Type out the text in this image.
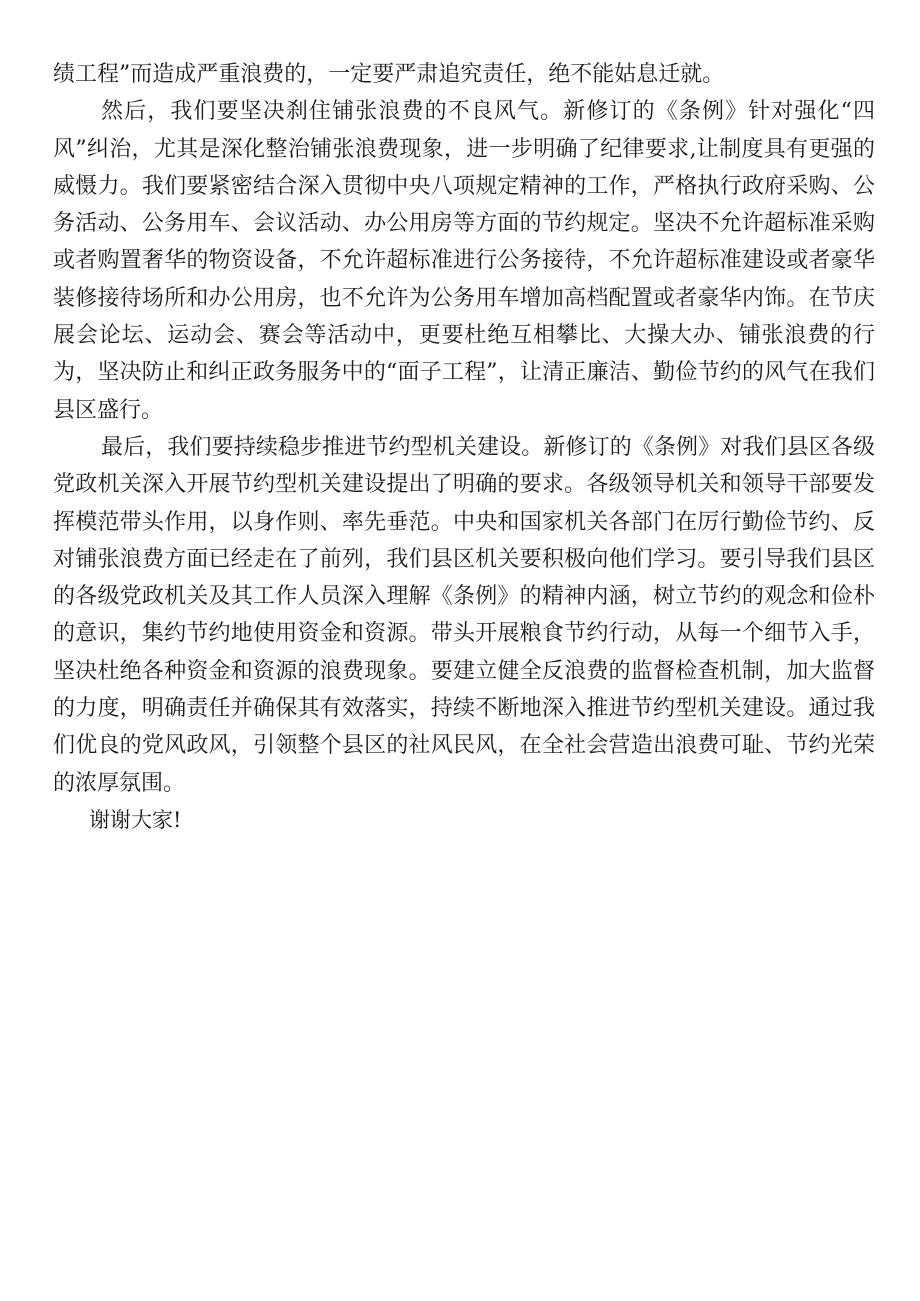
绩工程”而造成严重浪费的，一定要严肃追究责任，绝不能姑息迁就。

然后，我们要坚决刹住铺张浪费的不良风气。新修订的《条例》针对强化“四风”纠治，尤其是深化整治铺张浪费现象，进一步明确了纪律要求,让制度具有更强的威慑力。我们要紧密结合深入贯彻中央八项规定精神的工作，严格执行政府采购、公务活动、公务用车、会议活动、办公用房等方面的节约规定。坚决不允许超标准采购或者购置奢华的物资设备，不允许超标准进行公务接待，不允许超标准建设或者豪华装修接待场所和办公用房，也不允许为公务用车增加高档配置或者豪华内饰。在节庆展会论坛、运动会、赛会等活动中，更要杜绝互相攀比、大操大办、铺张浪费的行为，坚决防止和纠正政务服务中的“面子工程”，让清正廉洁、勤俭节约的风气在我们县区盛行。

最后，我们要持续稳步推进节约型机关建设。新修订的《条例》对我们县区各级党政机关深入开展节约型机关建设提出了明确的要求。各级领导机关和领导干部要发挥模范带头作用，以身作则、率先垂范。中央和国家机关各部门在厉行勤俭节约、反对铺张浪费方面已经走在了前列，我们县区机关要积极向他们学习。要引导我们县区的各级党政机关及其工作人员深入理解《条例》的精神内涵，树立节约的观念和俭朴的意识，集约节约地使用资金和资源。带头开展粮食节约行动，从每一个细节入手，坚决杜绝各种资金和资源的浪费现象。要建立健全反浪费的监督检查机制，加大监督的力度，明确责任并确保其有效落实，持续不断地深入推进节约型机关建设。通过我们优良的党风政风，引领整个县区的社风民风，在全社会营造出浪费可耻、节约光荣的浓厚氛围。

谢谢大家!
